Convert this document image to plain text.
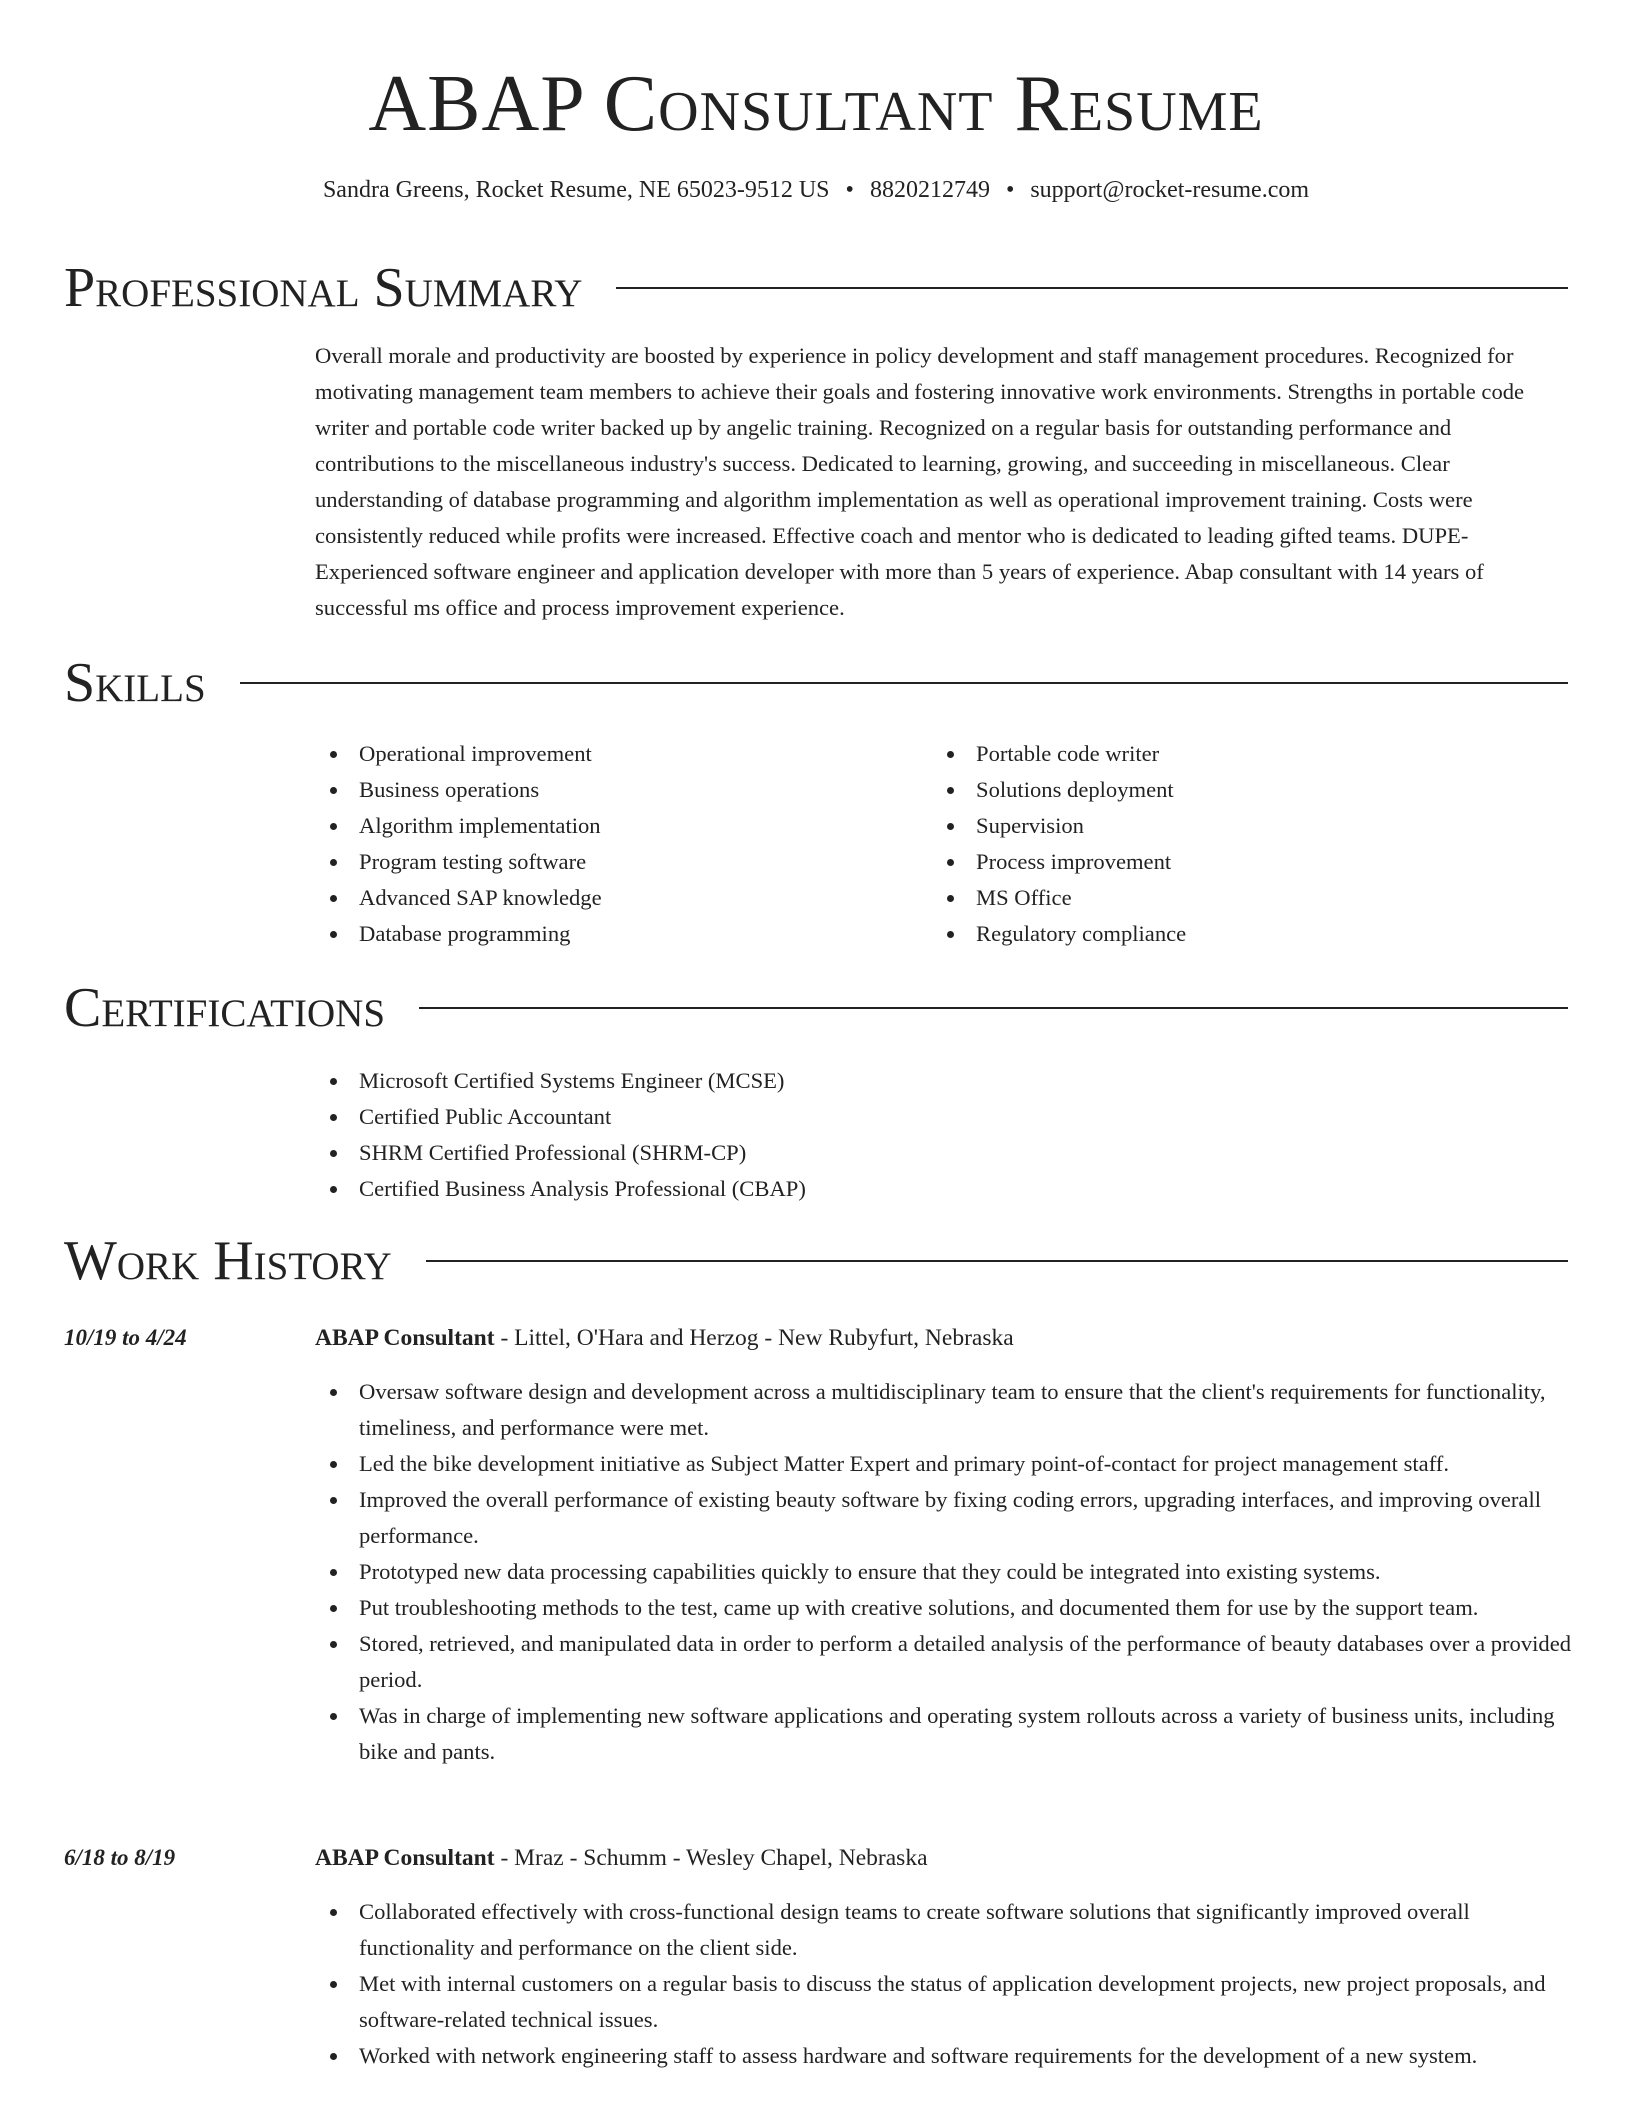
ABAP Consultant Resume
Sandra Greens, Rocket Resume, NE 65023-9512 US • 8820212749 • support@rocket-resume.com
Professional Summary
Overall morale and productivity are boosted by experience in policy development and staff management procedures. Recognized for motivating management team members to achieve their goals and fostering innovative work environments. Strengths in portable code writer and portable code writer backed up by angelic training. Recognized on a regular basis for outstanding performance and contributions to the miscellaneous industry's success. Dedicated to learning, growing, and succeeding in miscellaneous. Clear understanding of database programming and algorithm implementation as well as operational improvement training. Costs were consistently reduced while profits were increased. Effective coach and mentor who is dedicated to leading gifted teams. DUPE- Experienced software engineer and application developer with more than 5 years of experience. Abap consultant with 14 years of successful ms office and process improvement experience.
Skills
Operational improvement
Business operations
Algorithm implementation
Program testing software
Advanced SAP knowledge
Database programming
Portable code writer
Solutions deployment
Supervision
Process improvement
MS Office
Regulatory compliance
Certifications
Microsoft Certified Systems Engineer (MCSE)
Certified Public Accountant
SHRM Certified Professional (SHRM-CP)
Certified Business Analysis Professional (CBAP)
Work History
10/19 to 4/24	ABAP Consultant - Littel, O'Hara and Herzog - New Rubyfurt, Nebraska
Oversaw software design and development across a multidisciplinary team to ensure that the client's requirements for functionality, timeliness, and performance were met.
Led the bike development initiative as Subject Matter Expert and primary point-of-contact for project management staff.
Improved the overall performance of existing beauty software by fixing coding errors, upgrading interfaces, and improving overall performance.
Prototyped new data processing capabilities quickly to ensure that they could be integrated into existing systems.
Put troubleshooting methods to the test, came up with creative solutions, and documented them for use by the support team.
Stored, retrieved, and manipulated data in order to perform a detailed analysis of the performance of beauty databases over a provided period.
Was in charge of implementing new software applications and operating system rollouts across a variety of business units, including bike and pants.
6/18 to 8/19	ABAP Consultant - Mraz - Schumm - Wesley Chapel, Nebraska
Collaborated effectively with cross-functional design teams to create software solutions that significantly improved overall functionality and performance on the client side.
Met with internal customers on a regular basis to discuss the status of application development projects, new project proposals, and software-related technical issues.
Worked with network engineering staff to assess hardware and software requirements for the development of a new system.
